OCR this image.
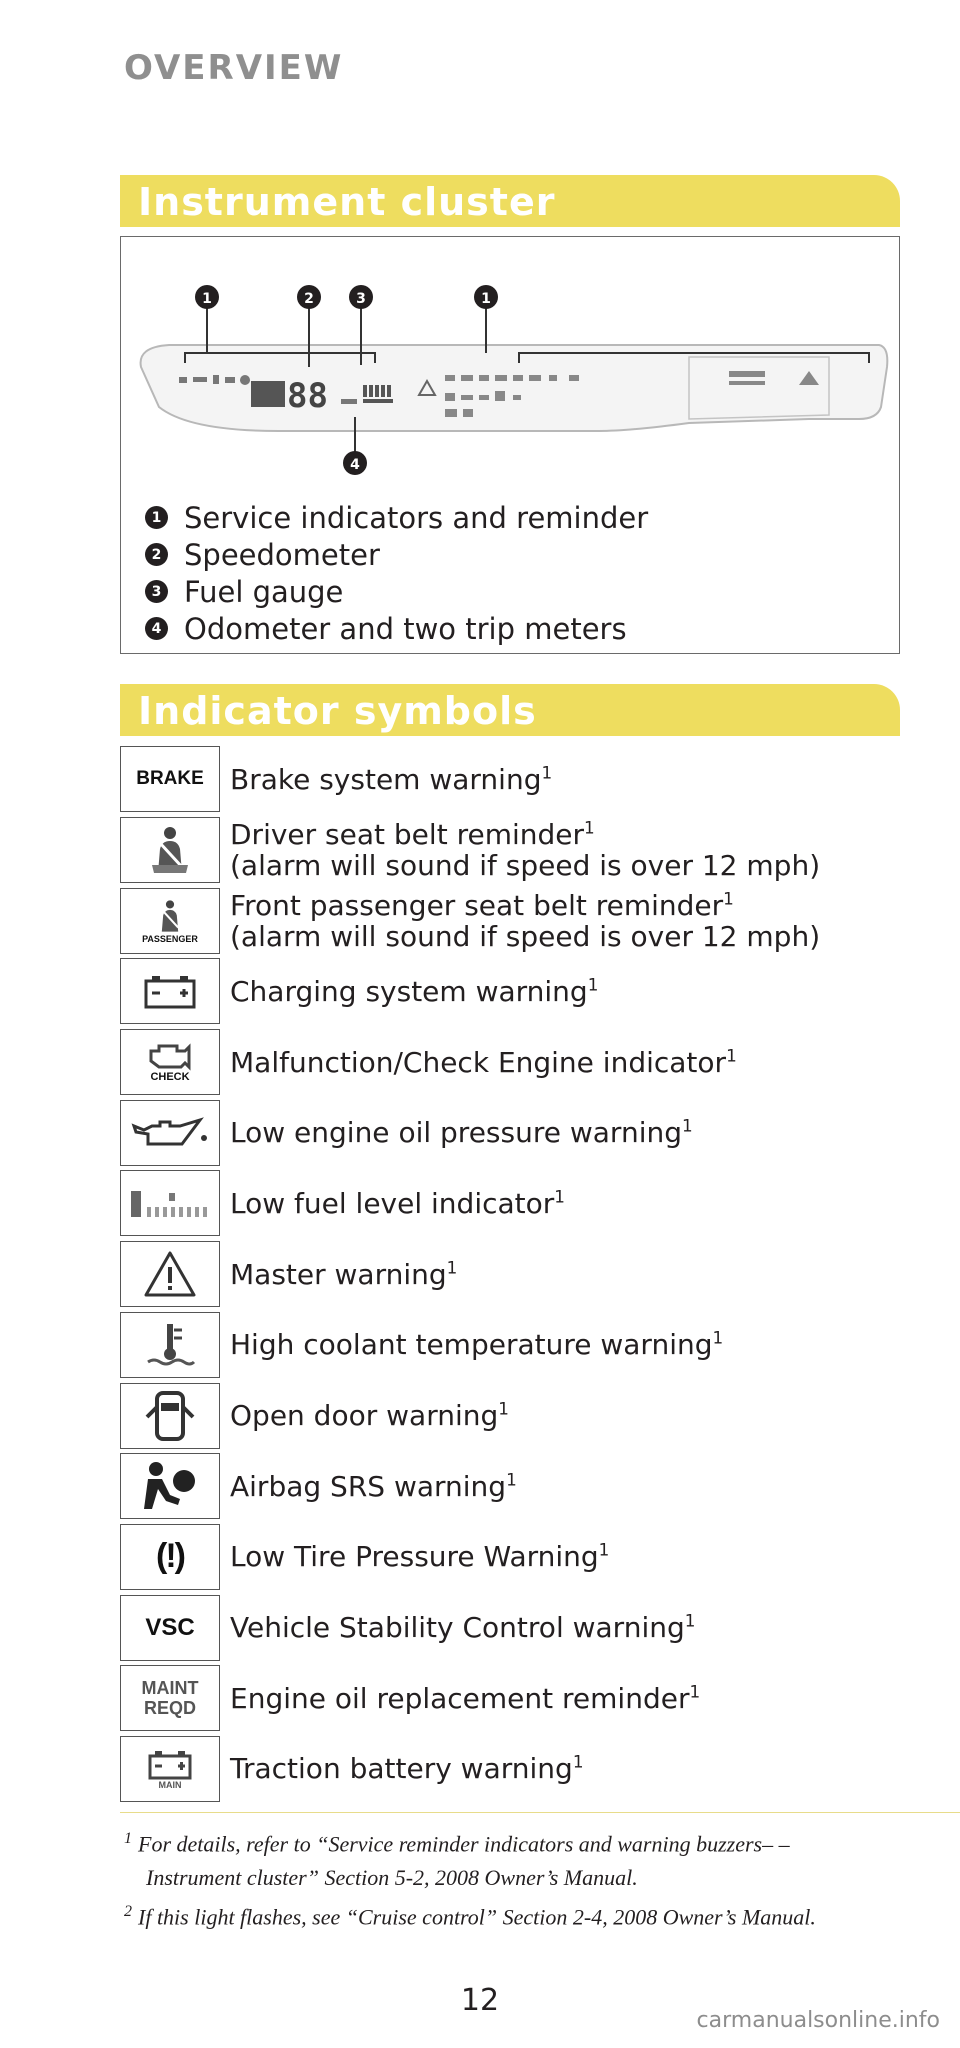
OVERVIEW
Instrument cluster
1	2	3	1
4
88
1 Service indicators and reminder
2 Speedometer
3 Fuel gauge
4 Odometer and two trip meters
Indicator symbols
BRAKE Brake system warning$^1$
Driver seat belt reminder$^1$
(alarm will sound if speed is over 12 mph)
PASSENGER
Front passenger seat belt reminder$^1$
(alarm will sound if speed is over 12 mph)
Charging system warning$^1$
CHECK Malfunction/Check Engine indicator$^1$
Low engine oil pressure warning$^1$
Low fuel level indicator$^1$
Master warning$^1$
High coolant temperature warning$^1$
Open door warning$^1$
Airbag SRS warning$^1$
(!) Low Tire Pressure Warning$^1$
VSC Vehicle Stability Control warning$^1$
MAINT REQD	Engine oil replacement reminder$^1$
MAIN Traction battery warning$^1$
$^1$ For details, refer to “Service reminder indicators and warning buzzers– –
Instrument cluster” Section 5-2, 2008 Owner’s Manual.
$^2$ If this light flashes, see “Cruise control” Section 2-4, 2008 Owner’s Manual.
12
carmanualsonline.info
